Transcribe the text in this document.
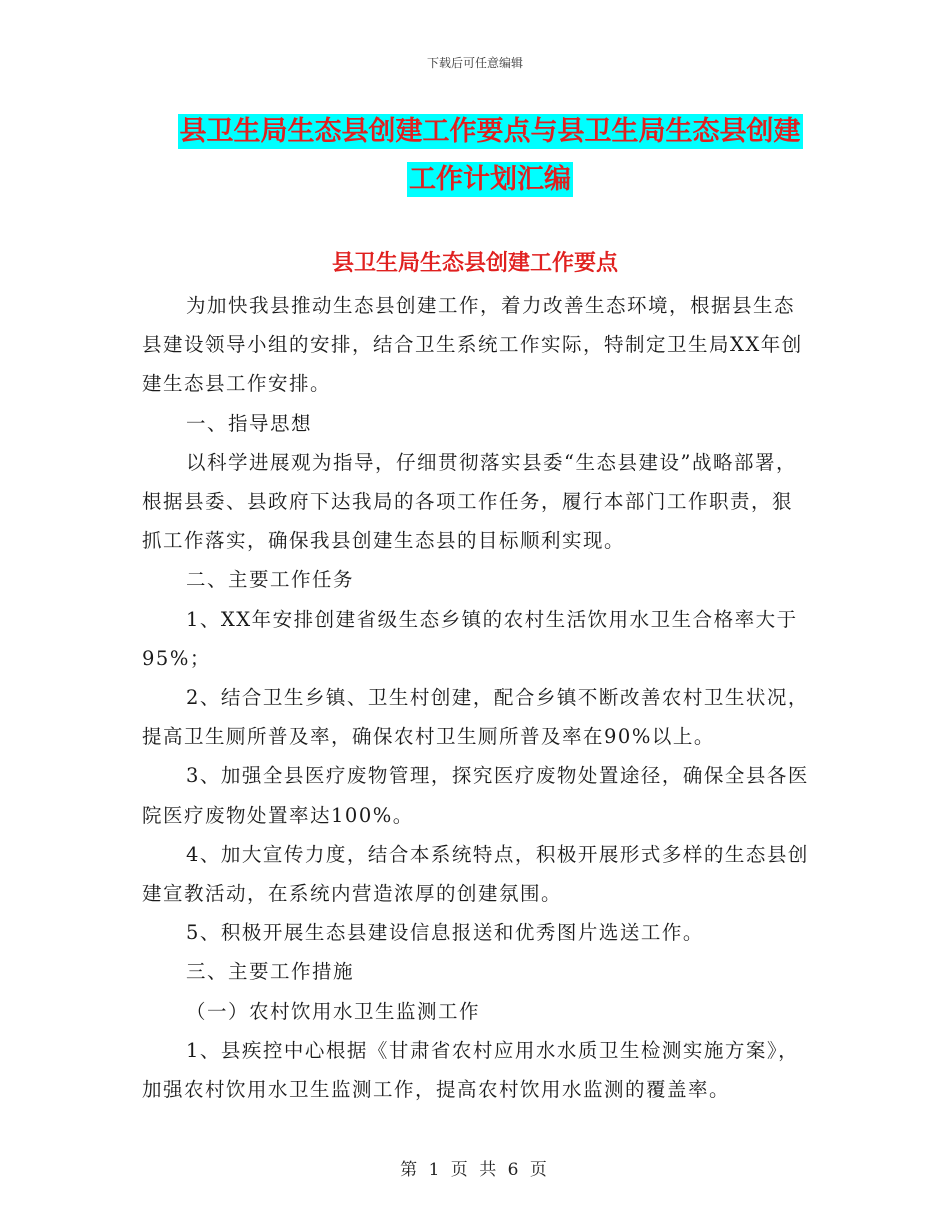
下载后可任意编辑
县卫生局生态县创建工作要点与县卫生局生态县创建
工作计划汇编
县卫生局生态县创建工作要点

为加快我县推动生态县创建工作，着力改善生态环境，根据县生态县建设领导小组的安排，结合卫生系统工作实际，特制定卫生局XX年创建生态县工作安排。

一、指导思想

以科学进展观为指导，仔细贯彻落实县委“生态县建设”战略部署，根据县委、县政府下达我局的各项工作任务，履行本部门工作职责，狠抓工作落实，确保我县创建生态县的目标顺利实现。

二、主要工作任务

1、XX年安排创建省级生态乡镇的农村生活饮用水卫生合格率大于95%；

2、结合卫生乡镇、卫生村创建，配合乡镇不断改善农村卫生状况，提高卫生厕所普及率，确保农村卫生厕所普及率在90%以上。

3、加强全县医疗废物管理，探究医疗废物处置途径，确保全县各医院医疗废物处置率达100%。

4、加大宣传力度，结合本系统特点，积极开展形式多样的生态县创建宣教活动，在系统内营造浓厚的创建氛围。

5、积极开展生态县建设信息报送和优秀图片选送工作。

三、主要工作措施

（一）农村饮用水卫生监测工作

1、县疾控中心根据《甘肃省农村应用水水质卫生检测实施方案》，加强农村饮用水卫生监测工作，提高农村饮用水监测的覆盖率。

第 1 页 共 6 页
